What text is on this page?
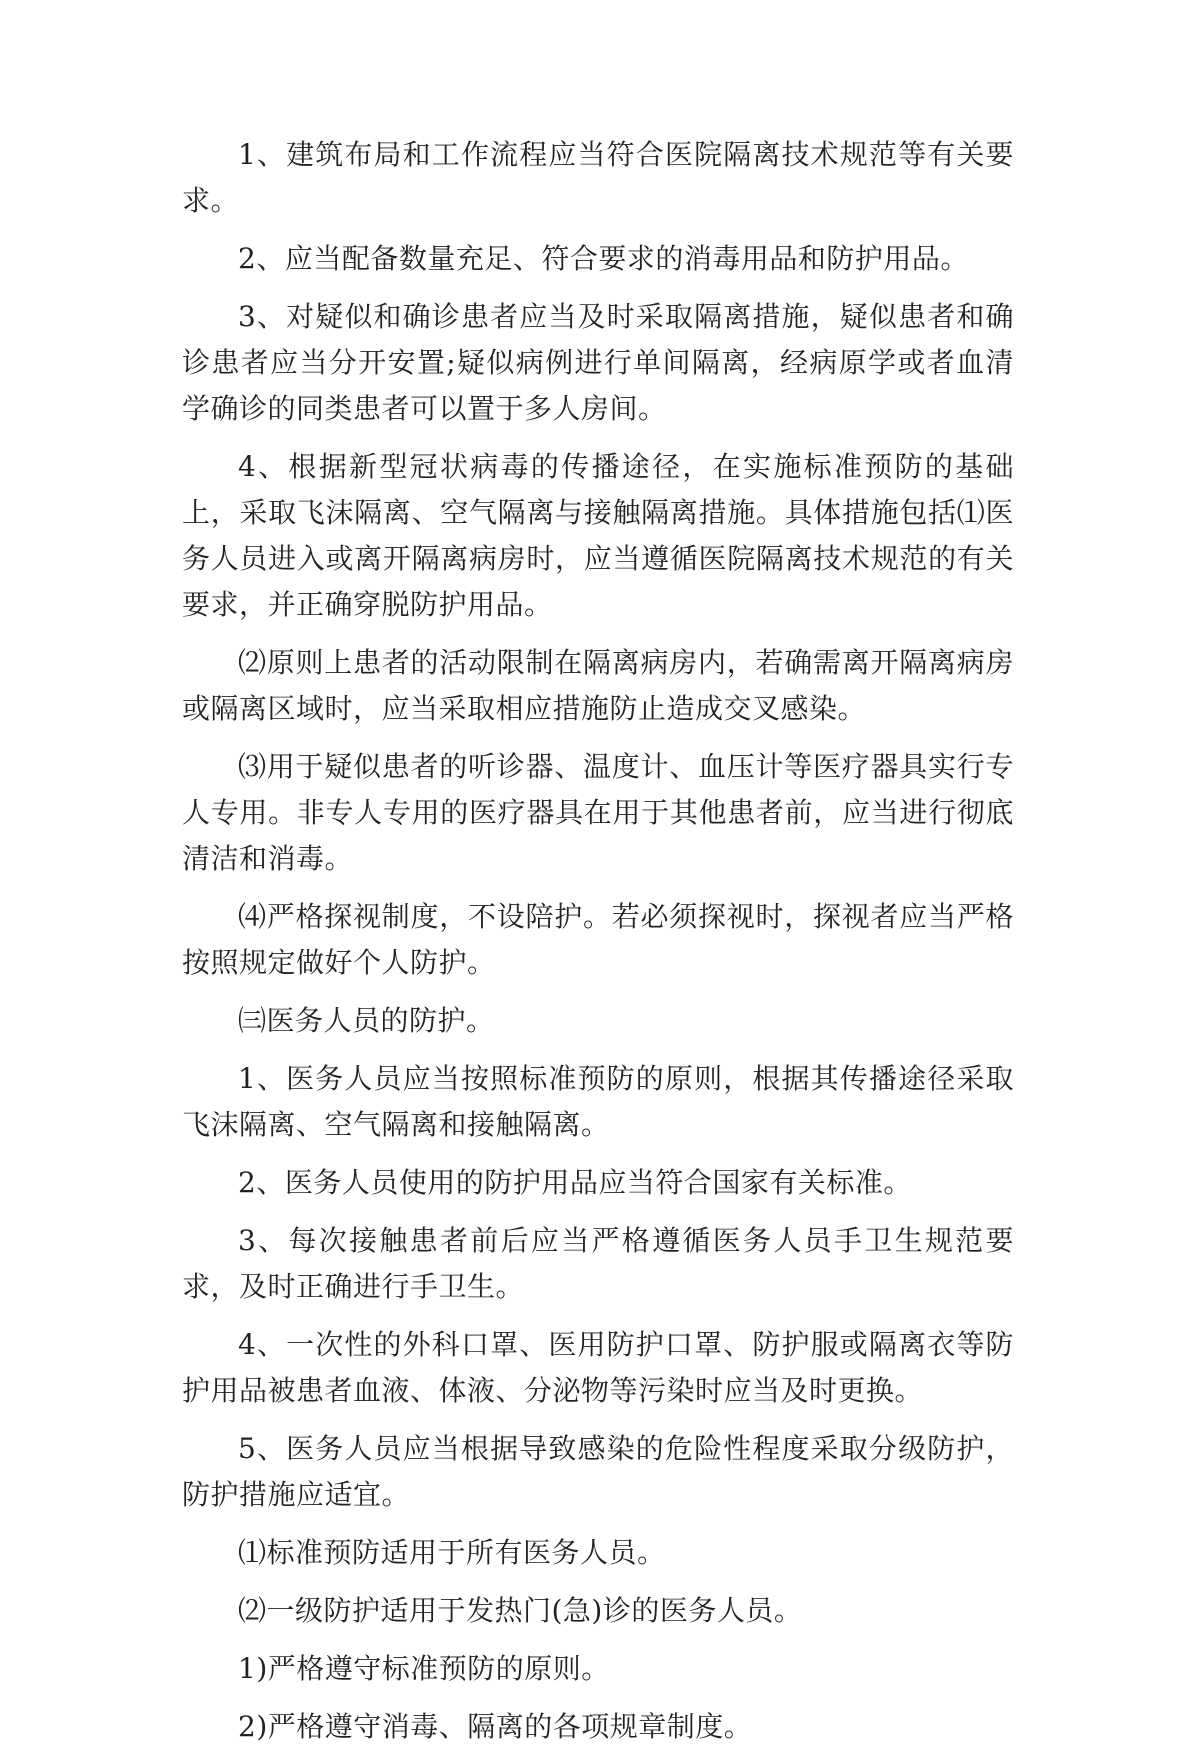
1、建筑布局和工作流程应当符合医院隔离技术规范等有关要求。

2、应当配备数量充足、符合要求的消毒用品和防护用品。

3、对疑似和确诊患者应当及时采取隔离措施，疑似患者和确诊患者应当分开安置;疑似病例进行单间隔离，经病原学或者血清学确诊的同类患者可以置于多人房间。

4、根据新型冠状病毒的传播途径，在实施标准预防的基础上，采取飞沫隔离、空气隔离与接触隔离措施。具体措施包括⑴医务人员进入或离开隔离病房时，应当遵循医院隔离技术规范的有关要求，并正确穿脱防护用品。

⑵原则上患者的活动限制在隔离病房内，若确需离开隔离病房或隔离区域时，应当采取相应措施防止造成交叉感染。

⑶用于疑似患者的听诊器、温度计、血压计等医疗器具实行专人专用。非专人专用的医疗器具在用于其他患者前，应当进行彻底清洁和消毒。

⑷严格探视制度，不设陪护。若必须探视时，探视者应当严格按照规定做好个人防护。

㈢医务人员的防护。

1、医务人员应当按照标准预防的原则，根据其传播途径采取飞沫隔离、空气隔离和接触隔离。

2、医务人员使用的防护用品应当符合国家有关标准。

3、每次接触患者前后应当严格遵循医务人员手卫生规范要求，及时正确进行手卫生。

4、一次性的外科口罩、医用防护口罩、防护服或隔离衣等防护用品被患者血液、体液、分泌物等污染时应当及时更换。

5、医务人员应当根据导致感染的危险性程度采取分级防护，防护措施应适宜。

⑴标准预防适用于所有医务人员。

⑵一级防护适用于发热门(急)诊的医务人员。

1)严格遵守标准预防的原则。

2)严格遵守消毒、隔离的各项规章制度。
